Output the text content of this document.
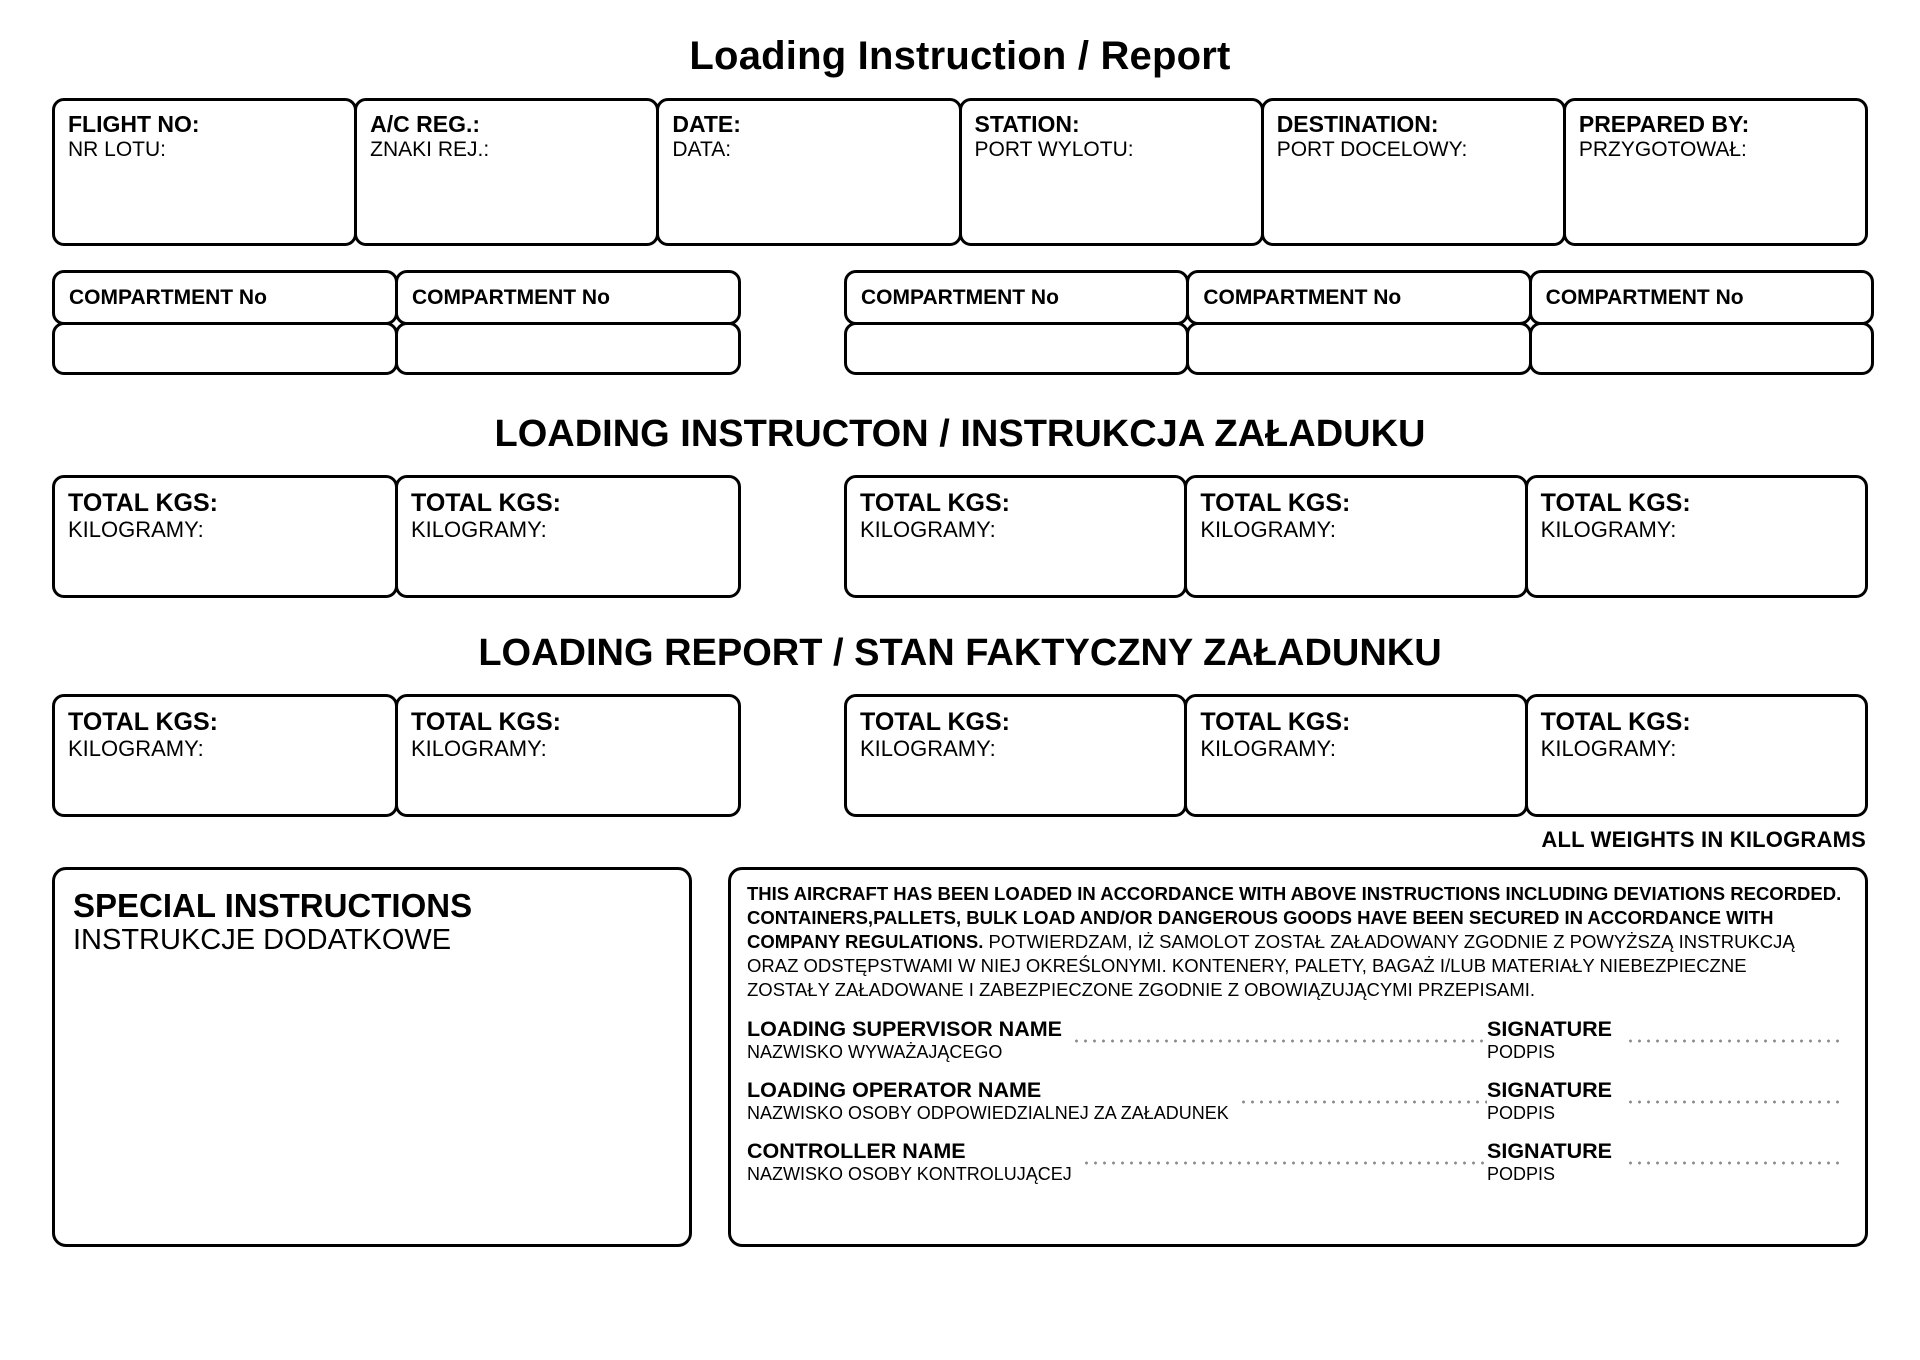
Loading Instruction / Report
FLIGHT NO:
NR LOTU:
A/C REG.:
ZNAKI REJ.:
DATE:
DATA:
STATION:
PORT WYLOTU:
DESTINATION:
PORT DOCELOWY:
PREPARED BY:
PRZYGOTOWAŁ:
COMPARTMENT No	COMPARTMENT No	COMPARTMENT No	COMPARTMENT No	COMPARTMENT No
LOADING INSTRUCTON / INSTRUKCJA ZAŁADUKU
TOTAL KGS:
KILOGRAMY:
TOTAL KGS:
KILOGRAMY:
TOTAL KGS:
KILOGRAMY:
TOTAL KGS:
KILOGRAMY:
TOTAL KGS:
KILOGRAMY:
LOADING REPORT / STAN FAKTYCZNY ZAŁADUNKU
TOTAL KGS:
KILOGRAMY:
TOTAL KGS:
KILOGRAMY:
TOTAL KGS:
KILOGRAMY:
TOTAL KGS:
KILOGRAMY:
TOTAL KGS:
KILOGRAMY:
ALL WEIGHTS IN KILOGRAMS
SPECIAL INSTRUCTIONS
INSTRUKCJE DODATKOWE
THIS AIRCRAFT HAS BEEN LOADED IN ACCORDANCE WITH ABOVE INSTRUCTIONS INCLUDING DEVIATIONS RECORDED.
CONTAINERS,PALLETS, BULK LOAD AND/OR DANGEROUS GOODS HAVE BEEN SECURED IN ACCORDANCE WITH
COMPANY REGULATIONS. POTWIERDZAM, IŻ SAMOLOT ZOSTAŁ ZAŁADOWANY ZGODNIE Z POWYŻSZĄ INSTRUKCJĄ
ORAZ ODSTĘPSTWAMI W NIEJ OKREŚLONYMI. KONTENERY, PALETY, BAGAŻ I/LUB MATERIAŁY NIEBEZPIECZNE
ZOSTAŁY ZAŁADOWANE I ZABEZPIECZONE ZGODNIE Z OBOWIĄZUJĄCYMI PRZEPISAMI.
LOADING SUPERVISOR NAME
NAZWISKO WYWAŻAJĄCEGO
SIGNATURE
PODPIS
LOADING OPERATOR NAME
NAZWISKO OSOBY ODPOWIEDZIALNEJ ZA ZAŁADUNEK
SIGNATURE
PODPIS
CONTROLLER NAME
NAZWISKO OSOBY KONTROLUJĄCEJ
SIGNATURE
PODPIS
